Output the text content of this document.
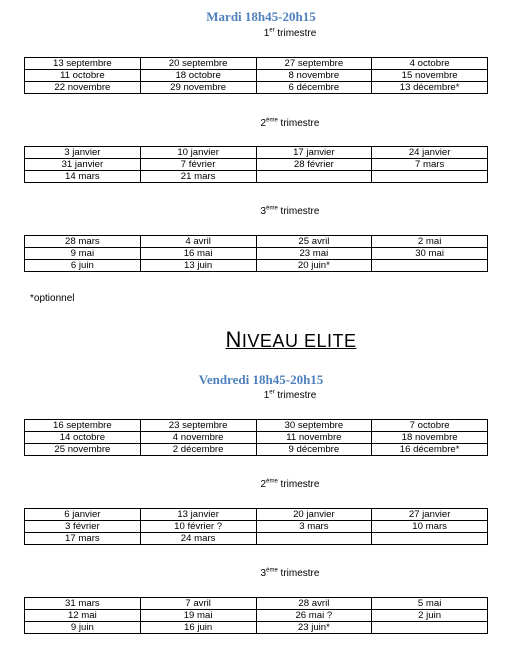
Mardi 18h45-20h15
1er trimestre
13 septembre	20 septembre	27 septembre	4 octobre
11 octobre	18 octobre	8 novembre	15 novembre
22 novembre	29 novembre	6 décembre	13 décembre*
2ème trimestre
3 janvier	10 janvier	17 janvier	24 janvier
31 janvier	7 février	28 février	7 mars
14 mars	21 mars		
3ème trimestre
28 mars	4 avril	25 avril	2 mai
9 mai	16 mai	23 mai	30 mai
6 juin	13 juin	20 juin*	
*optionnel
NIVEAU ELITE
Vendredi 18h45-20h15
1er trimestre
16 septembre	23 septembre	30 septembre	7 octobre
14 octobre	4 novembre	11 novembre	18 novembre
25 novembre	2 décembre	9 décembre	16 décembre*
2ème trimestre
6 janvier	13 janvier	20 janvier	27 janvier
3 février	10 février ?	3 mars	10 mars
17 mars	24 mars		
3ème trimestre
31 mars	7 avril	28 avril	5 mai
12 mai	19 mai	26 mai ?	2 juin
9 juin	16 juin	23 juin*	
